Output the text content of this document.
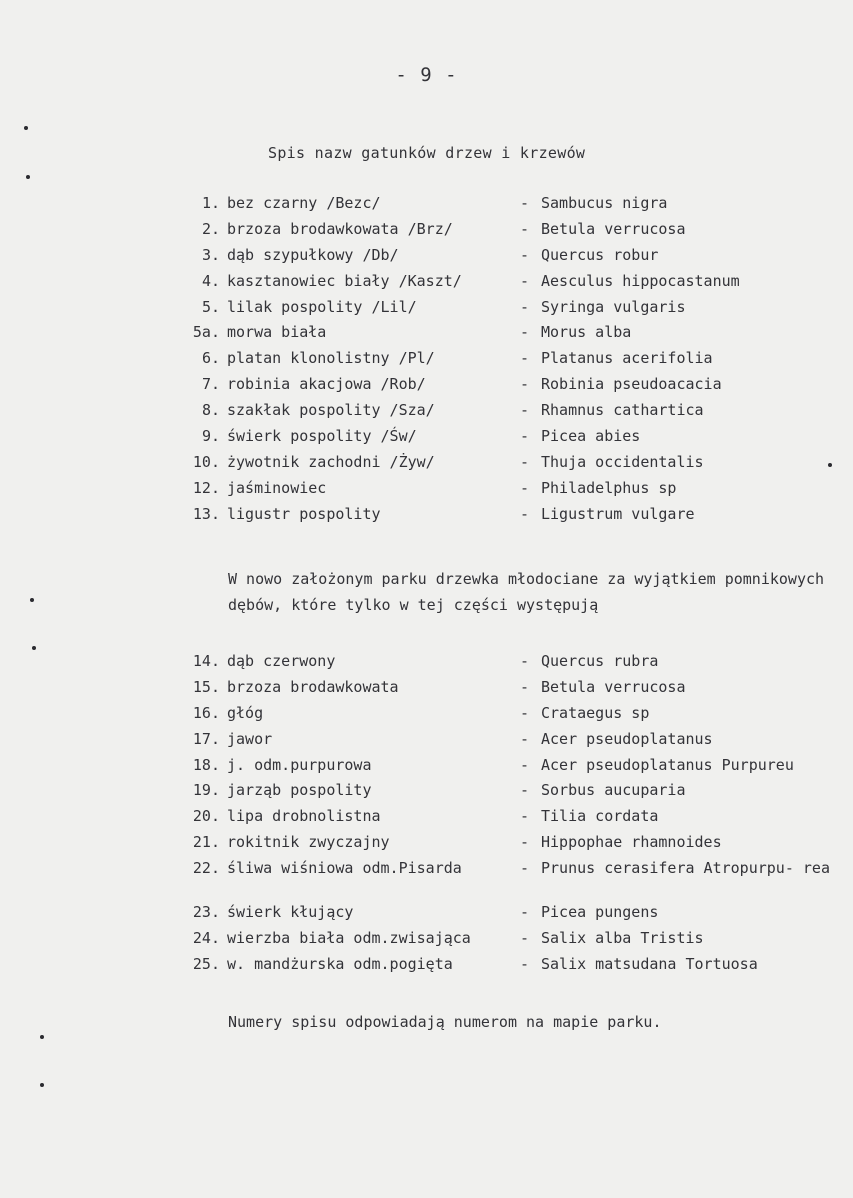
- 9 -
Spis nazw gatunków drzew i krzewów
1. bez czarny /Bezc/	- Sambucus nigra
2. brzoza brodawkowata /Brz/	- Betula verrucosa
3. dąb szypułkowy /Db/	- Quercus robur
4. kasztanowiec biały /Kaszt/	- Aesculus hippocastanum
5. lilak pospolity /Lil/	- Syringa vulgaris
5a. morwa biała	- Morus alba
6. platan klonolistny /Pl/	- Platanus acerifolia
7. robinia akacjowa /Rob/	- Robinia pseudoacacia
8. szakłak pospolity /Sza/	- Rhamnus cathartica
9. świerk pospolity /Św/	- Picea abies
10. żywotnik zachodni /Żyw/	- Thuja occidentalis
12. jaśminowiec	- Philadelphus sp
13. ligustr pospolity	- Ligustrum vulgare
W nowo założonym parku drzewka młodociane za wyjątkiem pomnikowych dębów, które tylko w tej części występują
14. dąb czerwony	- Quercus rubra
15. brzoza brodawkowata	- Betula verrucosa
16. głóg	- Crataegus sp
17. jawor	- Acer pseudoplatanus
18. j. odm.purpurowa	- Acer pseudoplatanus Purpureu
19. jarząb pospolity	- Sorbus aucuparia
20. lipa drobnolistna	- Tilia cordata
21. rokitnik zwyczajny	- Hippophae rhamnoides
22. śliwa wiśniowa odm.Pisarda	- Prunus cerasifera Atropurpu- rea
23. świerk kłujący	- Picea pungens
24. wierzba biała odm.zwisająca	- Salix alba Tristis
25. w. mandżurska odm.pogięta	- Salix matsudana Tortuosa
Numery spisu odpowiadają numerom na mapie parku.
